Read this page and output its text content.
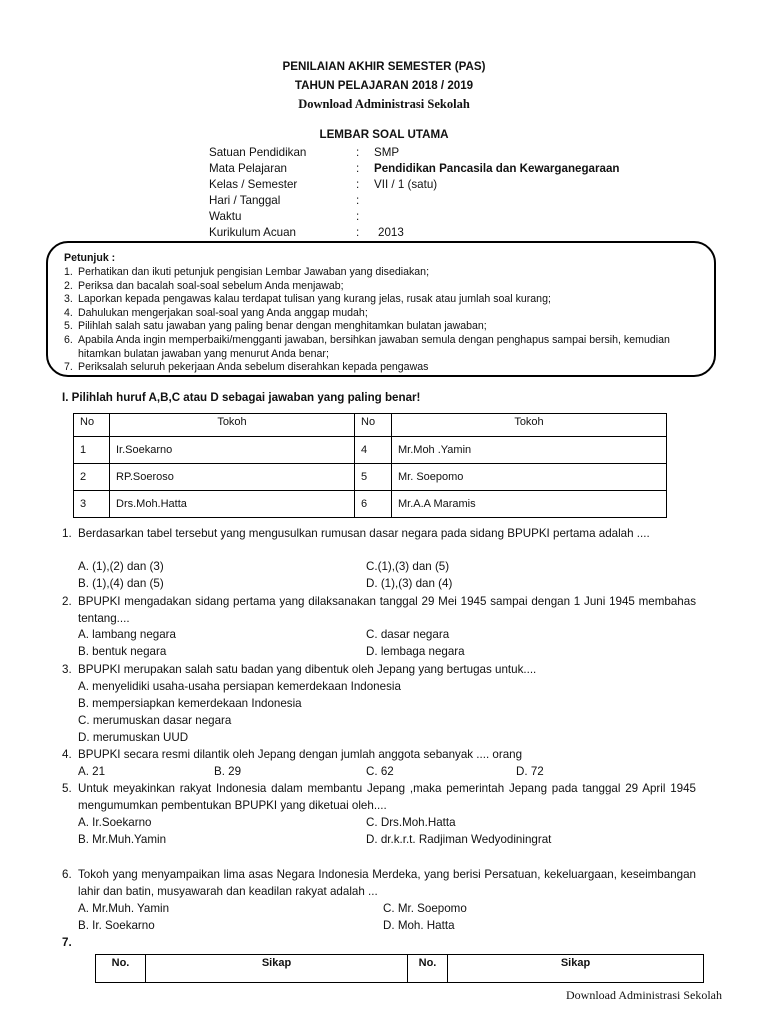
PENILAIAN AKHIR SEMESTER (PAS)
TAHUN PELAJARAN 2018 / 2019
Download Administrasi Sekolah
LEMBAR SOAL UTAMA
Satuan Pendidikan	: SMP
Mata Pelajaran	: Pendidikan Pancasila dan Kewarganegaraan
Kelas / Semester	: VII / 1 (satu)
Hari / Tanggal	:
Waktu	:
Kurikulum Acuan	: 2013
Petunjuk :
1. Perhatikan dan ikuti petunjuk pengisian Lembar Jawaban yang disediakan;
2. Periksa dan bacalah soal-soal sebelum Anda menjawab;
3. Laporkan kepada pengawas kalau terdapat tulisan yang kurang jelas, rusak atau jumlah soal kurang;
4. Dahulukan mengerjakan soal-soal yang Anda anggap mudah;
5. Pilihlah salah satu jawaban yang paling benar dengan menghitamkan bulatan jawaban;
6. Apabila Anda ingin memperbaiki/mengganti jawaban, bersihkan jawaban semula dengan penghapus sampai bersih, kemudian hitamkan bulatan jawaban yang menurut Anda benar;
7. Periksalah seluruh pekerjaan Anda sebelum diserahkan kepada pengawas
I. Pilihlah huruf A,B,C atau D sebagai jawaban yang paling benar!
No	Tokoh	No	Tokoh
1	Ir.Soekarno	4	Mr.Moh .Yamin
2	RP.Soeroso	5	Mr. Soepomo
3	Drs.Moh.Hatta	6	Mr.A.A Maramis
1. Berdasarkan tabel tersebut yang mengusulkan rumusan dasar negara pada sidang BPUPKI pertama adalah ....
A. (1),(2) dan (3)	C.(1),(3) dan (5)
B. (1),(4) dan (5)	D. (1),(3) dan (4)
2. BPUPKI mengadakan sidang pertama yang dilaksanakan tanggal 29 Mei 1945 sampai dengan 1 Juni 1945 membahas tentang....
A. lambang negara	C. dasar negara
B. bentuk negara	D. lembaga negara
3. BPUPKI merupakan salah satu badan yang dibentuk oleh Jepang yang bertugas untuk....
A. menyelidiki usaha-usaha persiapan kemerdekaan Indonesia
B. mempersiapkan kemerdekaan Indonesia
C. merumuskan dasar negara
D. merumuskan UUD
4. BPUPKI secara resmi dilantik oleh Jepang dengan jumlah anggota sebanyak .... orang
A. 21	B. 29	C. 62	D. 72
5. Untuk meyakinkan rakyat Indonesia dalam membantu Jepang ,maka pemerintah Jepang pada tanggal 29 April 1945 mengumumkan pembentukan BPUPKI yang diketuai oleh....
A. Ir.Soekarno	C. Drs.Moh.Hatta
B. Mr.Muh.Yamin	D. dr.k.r.t. Radjiman Wedyodiningrat
6. Tokoh yang menyampaikan lima asas Negara Indonesia Merdeka, yang berisi Persatuan, kekeluargaan, keseimbangan lahir dan batin, musyawarah dan keadilan rakyat adalah ...
A. Mr.Muh. Yamin	C. Mr. Soepomo
B. Ir. Soekarno	D. Moh. Hatta
7.
No.	Sikap	No.	Sikap
Download Administrasi Sekolah
